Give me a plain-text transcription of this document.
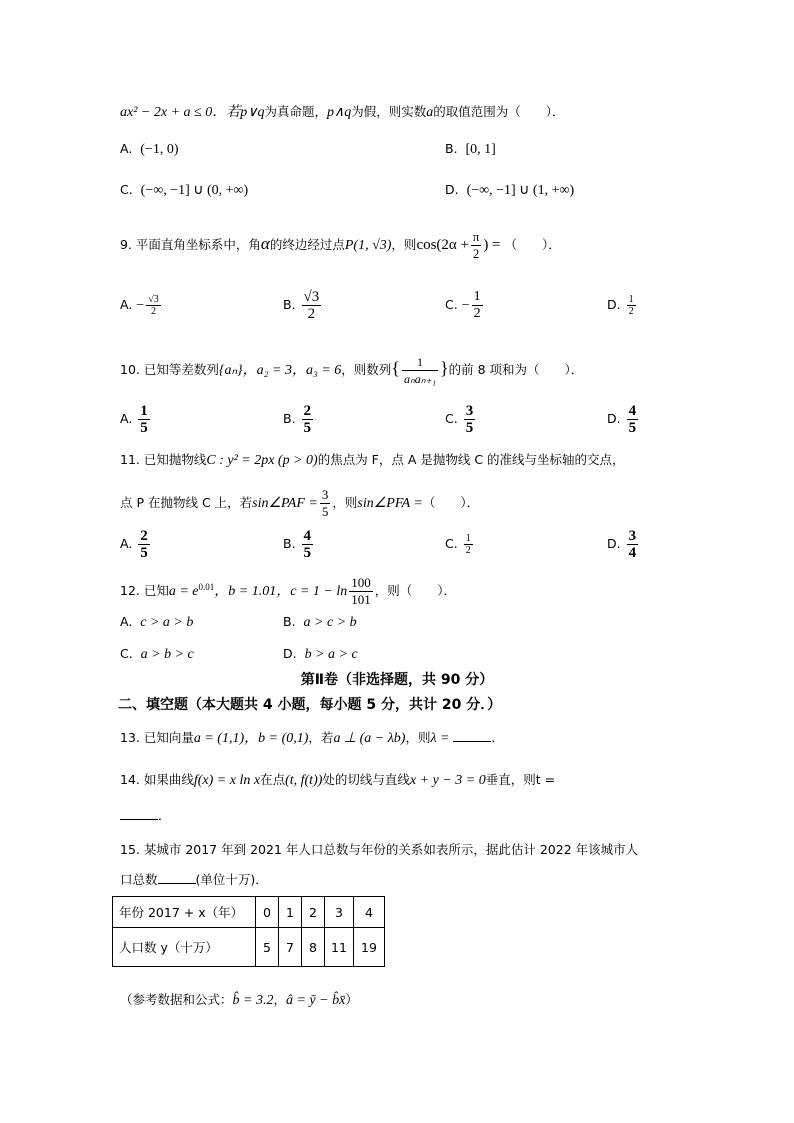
ax² − 2x + a ≤ 0．若p∨q为真命题，p∧q为假，则实数a的取值范围为（　　）．
A. (−1, 0)	B. [0, 1]
C. (−∞, −1] ∪ (0, +∞)	D. (−∞, −1] ∪ (1, +∞)
9. 平面直角坐标系中，角α的终边经过点P(1, √3)，则$\cos(2\alpha + \frac{\pi}{2}$ ) = （　　）．
A. − $\frac{√3}{2}$	B. $\frac{√3}{2}$	C. − $\frac{1}{2}$	D. $\frac{1}{2}$
10. 已知等差数列{aₙ}，a₂ = 3，a₃ = 6，则数列{ $\frac{1}{\text{aₙaₙ₊₁}}$ }的前 8 项和为（　　）．
A. $\frac{1}{5}$	B. $\frac{2}{5}$	C. $\frac{3}{5}$	D. $\frac{4}{5}$
11. 已知抛物线C : y² = 2px (p > 0)的焦点为 F，点 A 是抛物线 C 的准线与坐标轴的交点，
点 P 在抛物线 C 上，若sin∠PAF = $\frac{3}{5}$ ，则sin∠PFA =（　　）．
A. $\frac{2}{5}$	B. $\frac{4}{5}$	C. $\frac{1}{2}$	D. $\frac{3}{4}$
12. 已知$a = e^{0.01}$，b = 1.01，$c = 1 - \ln \frac{100}{101}$ ，则（　　）．
A. c > a > b	B. a > c > b
C. a > b > c	D. b > a > c
第Ⅱ卷（非选择题，共 90 分）
二、填空题（本大题共 4 小题，每小题 5 分，共计 20 分．）
13. 已知向量a = (1,1)，b = (0,1)，若a ⊥ (a − λb)，则λ =	．
14. 如果曲线f(x) = x ln x在点(t, f(t))处的切线与直线x + y − 3 = 0垂直，则t =
．
15. 某城市 2017 年到 2021 年人口总数与年份的关系如表所示，据此估计 2022 年该城市人
口总数	(单位十万)．
年份 2017 + x（年）	0	1	2	3	4
人口数 y（十万）	5	7	8	11	19
（参考数据和公式：b̂ = 3.2，â = ȳ − b̂x̄）
